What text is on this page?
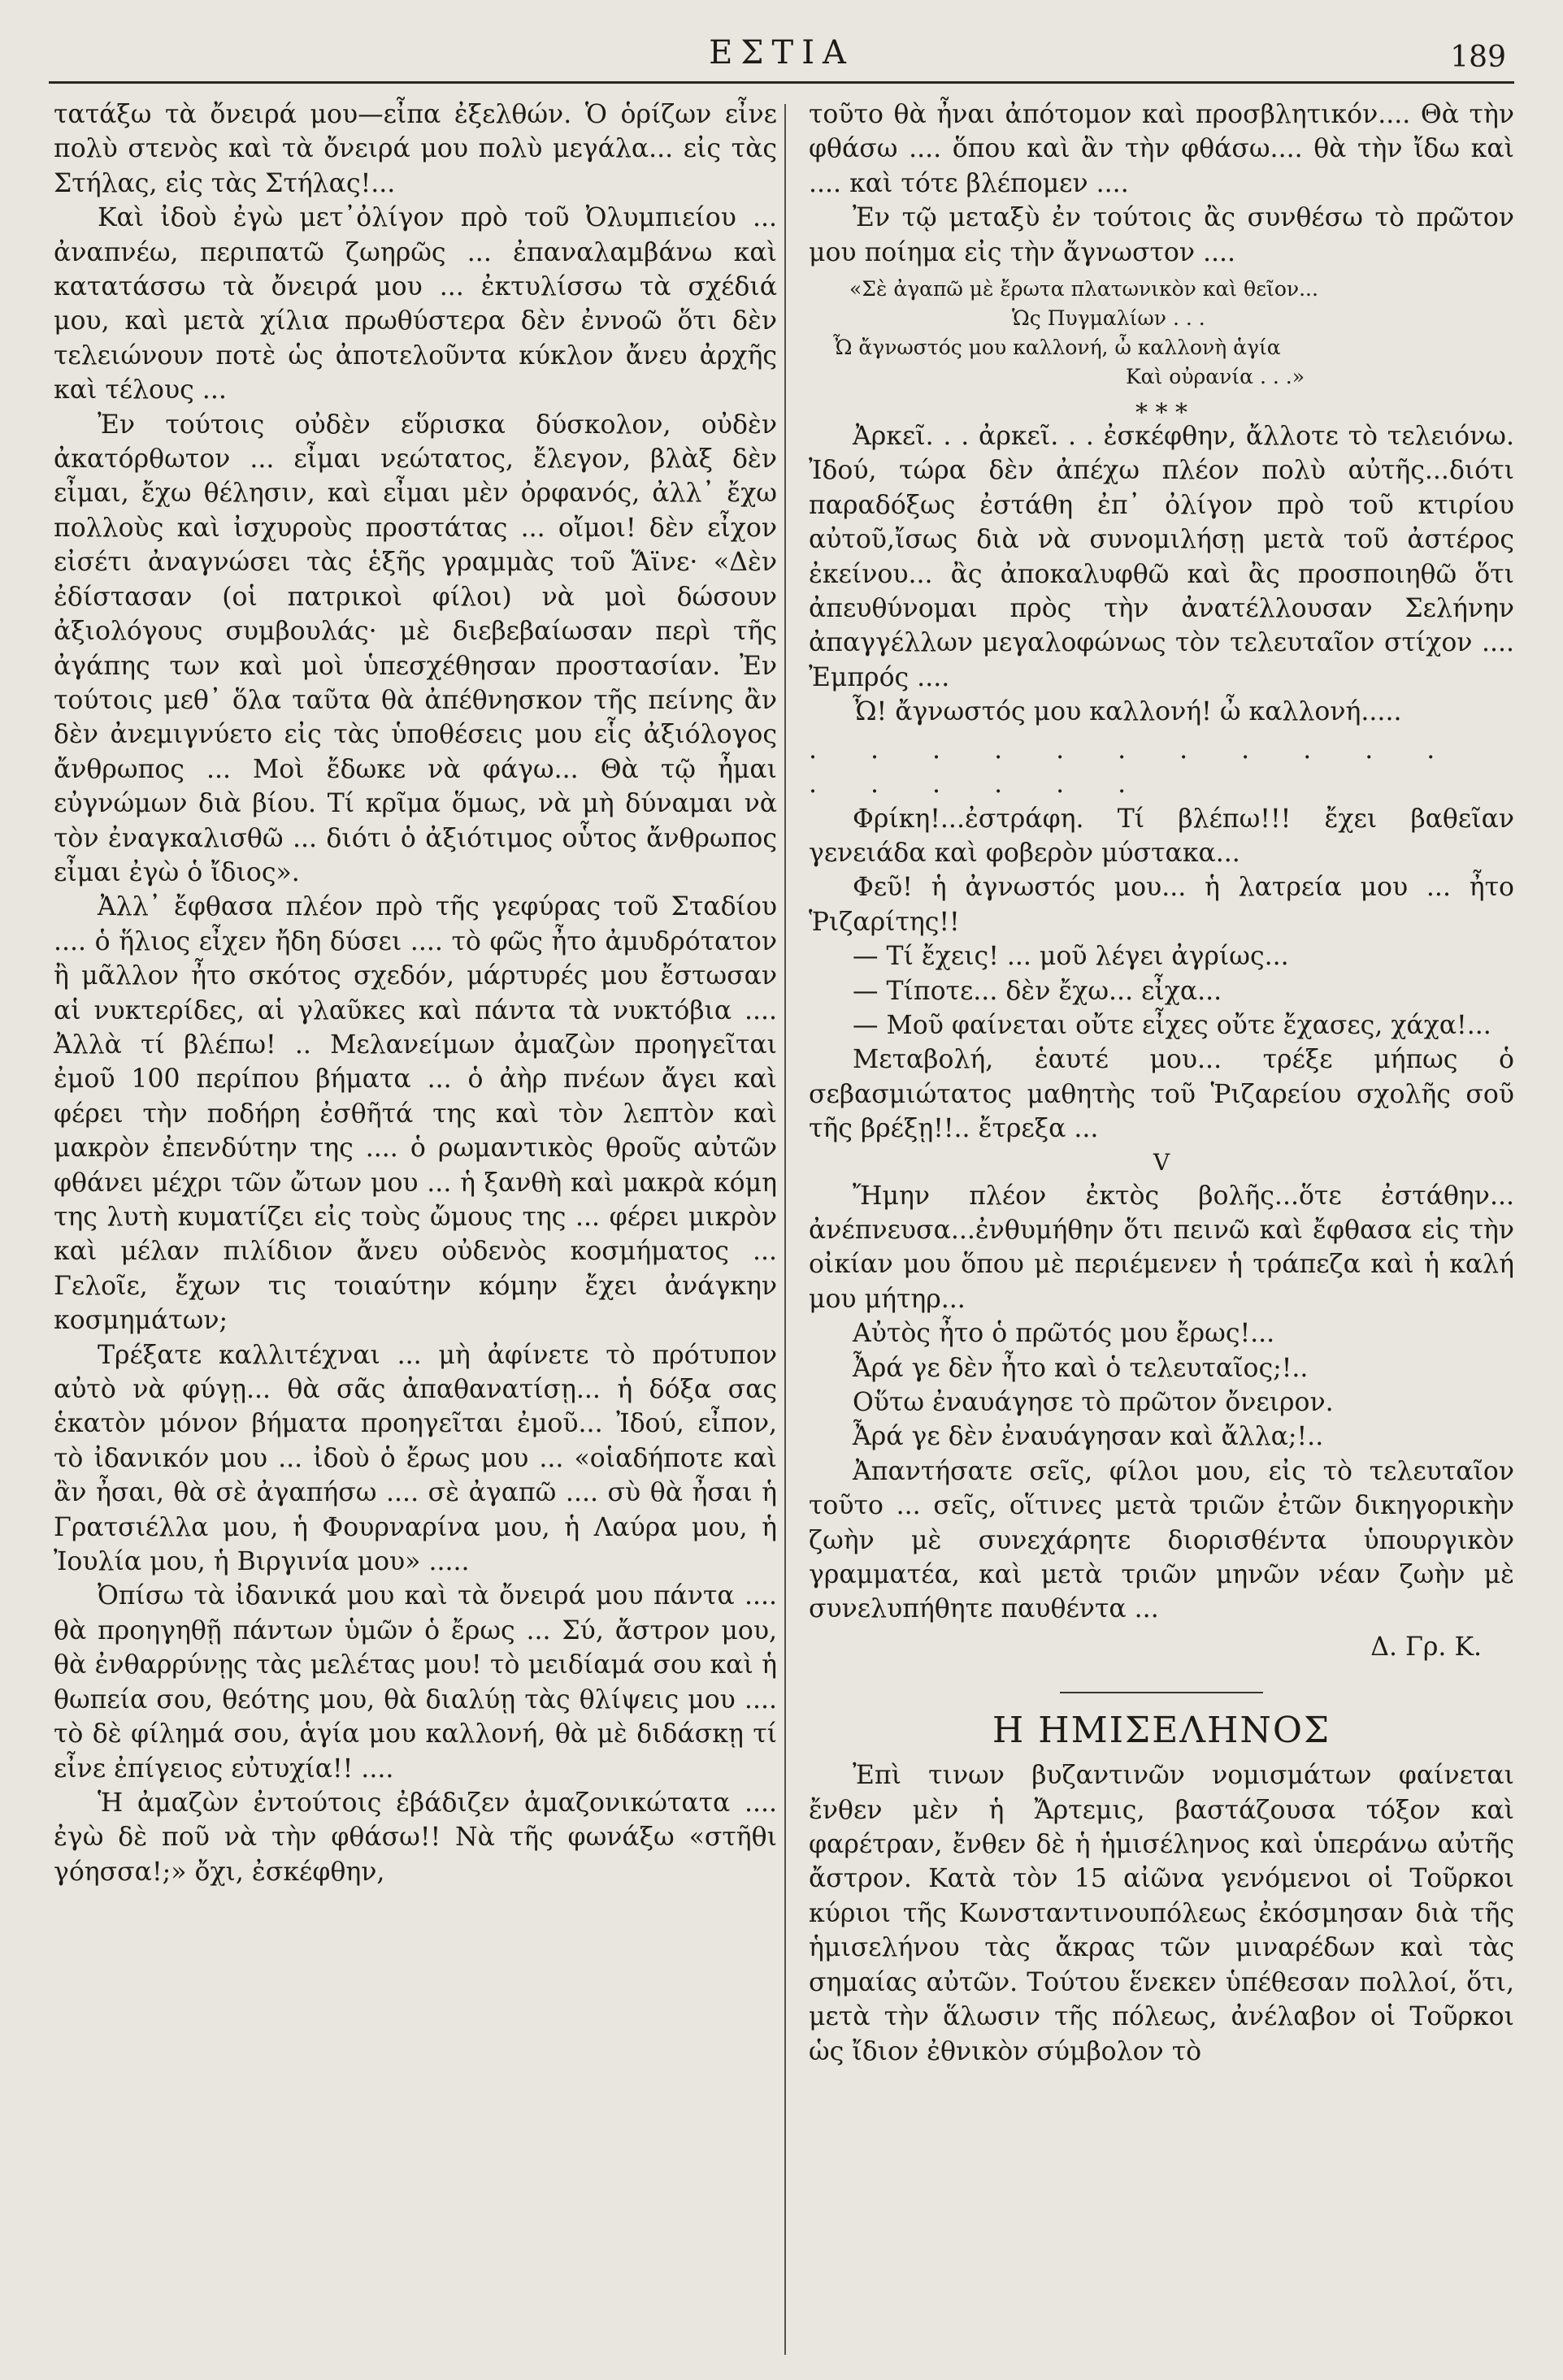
ΕΣΤΙΑ	189

τατάξω τὰ ὄνειρά μου—εἶπα ἐξελθών. Ὁ ὁρίζων εἶνε πολὺ στενὸς καὶ τὰ ὄνειρά μου πολὺ μεγάλα... εἰς τὰς Στήλας, εἰς τὰς Στήλας!...

Καὶ ἰδοὺ ἐγὼ μετ᾽ὀλίγον πρὸ τοῦ Ὀλυμπιείου ... ἀναπνέω, περιπατῶ ζωηρῶς ... ἐπαναλαμβάνω καὶ κατατάσσω τὰ ὄνειρά μου ... ἐκτυλίσσω τὰ σχέδιά μου, καὶ μετὰ χίλια πρωθύστερα δὲν ἐννοῶ ὅτι δὲν τελειώνουν ποτὲ ὡς ἀποτελοῦντα κύκλον ἄνευ ἀρχῆς καὶ τέλους ...

Ἐν τούτοις οὐδὲν εὕρισκα δύσκολον, οὐδὲν ἀκατόρθωτον ... εἶμαι νεώτατος, ἔλεγον, βλὰξ δὲν εἶμαι, ἔχω θέλησιν, καὶ εἶμαι μὲν ὀρφανός, ἀλλ᾽ ἔχω πολλοὺς καὶ ἰσχυροὺς προστάτας ... οἴμοι! δὲν εἶχον εἰσέτι ἀναγνώσει τὰς ἑξῆς γραμμὰς τοῦ Ἅϊνε· «Δὲν ἐδίστασαν (οἱ πατρικοὶ φίλοι) νὰ μοὶ δώσουν ἀξιολόγους συμβουλάς· μὲ διεβεβαίωσαν περὶ τῆς ἀγάπης των καὶ μοὶ ὑπεσχέθησαν προστασίαν. Ἐν τούτοις μεθ᾽ ὅλα ταῦτα θὰ ἀπέθνησκον τῆς πείνης ἂν δὲν ἀνεμιγνύετο εἰς τὰς ὑποθέσεις μου εἷς ἀξιόλογος ἄνθρωπος ... Μοὶ ἔδωκε νὰ φάγω... Θὰ τῷ ἦμαι εὐγνώμων διὰ βίου. Τί κρῖμα ὅμως, νὰ μὴ δύναμαι νὰ τὸν ἐναγκαλισθῶ ... διότι ὁ ἀξιότιμος οὗτος ἄνθρωπος εἶμαι ἐγὼ ὁ ἴδιος».

Ἀλλ᾽ ἔφθασα πλέον πρὸ τῆς γεφύρας τοῦ Σταδίου .... ὁ ἥλιος εἶχεν ἤδη δύσει .... τὸ φῶς ἦτο ἀμυδρότατον ἢ μᾶλλον ἦτο σκότος σχεδόν, μάρτυρές μου ἔστωσαν αἱ νυκτερίδες, αἱ γλαῦκες καὶ πάντα τὰ νυκτόβια .... Ἀλλὰ τί βλέπω! .. Μελανείμων ἀμαζὼν προηγεῖται ἐμοῦ 100 περίπου βήματα ... ὁ ἀὴρ πνέων ἄγει καὶ φέρει τὴν ποδήρη ἐσθῆτά της καὶ τὸν λεπτὸν καὶ μακρὸν ἐπενδύτην της .... ὁ ρωμαντικὸς θροῦς αὐτῶν φθάνει μέχρι τῶν ὤτων μου ... ἡ ξανθὴ καὶ μακρὰ κόμη της λυτὴ κυματίζει εἰς τοὺς ὤμους της ... φέρει μικρὸν καὶ μέλαν πιλίδιον ἄνευ οὐδενὸς κοσμήματος ... Γελοῖε, ἔχων τις τοιαύτην κόμην ἔχει ἀνάγκην κοσμημάτων;

Τρέξατε καλλιτέχναι ... μὴ ἀφίνετε τὸ πρότυπον αὐτὸ νὰ φύγῃ... θὰ σᾶς ἀπαθανατίσῃ... ἡ δόξα σας ἑκατὸν μόνον βήματα προηγεῖται ἐμοῦ... Ἰδού, εἶπον, τὸ ἰδανικόν μου ... ἰδοὺ ὁ ἔρως μου ... «οἱαδήποτε καὶ ἂν ἦσαι, θὰ σὲ ἀγαπήσω .... σὲ ἀγαπῶ .... σὺ θὰ ἦσαι ἡ Γρατσιέλλα μου, ἡ Φουρναρίνα μου, ἡ Λαύρα μου, ἡ Ἰουλία μου, ἡ Βιργινία μου» .....

Ὀπίσω τὰ ἰδανικά μου καὶ τὰ ὄνειρά μου πάντα .... θὰ προηγηθῇ πάντων ὑμῶν ὁ ἔρως ... Σύ, ἄστρον μου, θὰ ἐνθαρρύνῃς τὰς μελέτας μου! τὸ μειδίαμά σου καὶ ἡ θωπεία σου, θεότης μου, θὰ διαλύῃ τὰς θλίψεις μου .... τὸ δὲ φίλημά σου, ἁγία μου καλλονή, θὰ μὲ διδάσκῃ τί εἶνε ἐπίγειος εὐτυχία!! ....

Ἡ ἀμαζὼν ἐντούτοις ἐβάδιζεν ἀμαζονικώτατα .... ἐγὼ δὲ ποῦ νὰ τὴν φθάσω!! Νὰ τῆς φωνάξω «στῆθι γόησσα!;» ὄχι, ἐσκέφθην,

τοῦτο θὰ ἦναι ἀπότομον καὶ προσβλητικόν.... Θὰ τὴν φθάσω .... ὅπου καὶ ἂν τὴν φθάσω.... θὰ τὴν ἴδω καὶ .... καὶ τότε βλέπομεν ....

Ἐν τῷ μεταξὺ ἐν τούτοις ἂς συνθέσω τὸ πρῶτον μου ποίημα εἰς τὴν ἄγνωστον ....

«Σὲ ἀγαπῶ μὲ ἔρωτα πλατωνικὸν καὶ θεῖον...
Ὡς Πυγμαλίων . . .
Ὦ ἄγνωστός μου καλλονή, ὦ καλλονὴ ἁγία
Καὶ οὐρανία . . .»
⁎ ⁎ ⁎

Ἀρκεῖ. . . ἀρκεῖ. . . ἐσκέφθην, ἄλλοτε τὸ τελειόνω. Ἰδού, τώρα δὲν ἀπέχω πλέον πολὺ αὐτῆς...διότι παραδόξως ἐστάθη ἐπ᾽ ὀλίγον πρὸ τοῦ κτιρίου αὐτοῦ,ἴσως διὰ νὰ συνομιλήσῃ μετὰ τοῦ ἀστέρος ἐκείνου... ἂς ἀποκαλυφθῶ καὶ ἂς προσποιηθῶ ὅτι ἀπευθύνομαι πρὸς τὴν ἀνατέλλουσαν Σελήνην ἀπαγγέλλων μεγαλοφώνως τὸν τελευταῖον στίχον .... Ἐμπρός ....

Ὦ! ἄγνωστός μου καλλονή! ὦ καλλονή.....

. . . . . . . . . . . . . . . . .

Φρίκη!...ἐστράφη. Τί βλέπω!!! ἔχει βαθεῖαν γενειάδα καὶ φοβερὸν μύστακα...

Φεῦ! ἡ ἀγνωστός μου... ἡ λατρεία μου ... ἦτο Ῥιζαρίτης!!

— Τί ἔχεις! ... μοῦ λέγει ἀγρίως...

— Τίποτε... δὲν ἔχω... εἶχα...

— Μοῦ φαίνεται οὔτε εἶχες οὔτε ἔχασες, χάχα!...

Μεταβολή, ἑαυτέ μου... τρέξε μήπως ὁ σεβασμιώτατος μαθητὴς τοῦ Ῥιζαρείου σχολῆς σοῦ τῆς βρέξῃ!!.. ἔτρεξα ...

V

Ἤμην πλέον ἐκτὸς βολῆς...ὅτε ἐστάθην... ἀνέπνευσα...ἐνθυμήθην ὅτι πεινῶ καὶ ἔφθασα εἰς τὴν οἰκίαν μου ὅπου μὲ περιέμενεν ἡ τράπεζα καὶ ἡ καλή μου μήτηρ...

Αὐτὸς ἦτο ὁ πρῶτός μου ἔρως!...

Ἆρά γε δὲν ἦτο καὶ ὁ τελευταῖος;!..

Οὕτω ἐναυάγησε τὸ πρῶτον ὄνειρον.

Ἆρά γε δὲν ἐναυάγησαν καὶ ἄλλα;!..

Ἀπαντήσατε σεῖς, φίλοι μου, εἰς τὸ τελευταῖον τοῦτο ... σεῖς, οἵτινες μετὰ τριῶν ἐτῶν δικηγορικὴν ζωὴν μὲ συνεχάρητε διορισθέντα ὑπουργικὸν γραμματέα, καὶ μετὰ τριῶν μηνῶν νέαν ζωὴν μὲ συνελυπήθητε παυθέντα ...

Δ. Γρ. Κ.
Η ΗΜΙΣΕΛΗΝΟΣ

Ἐπὶ τινων βυζαντινῶν νομισμάτων φαίνεται ἔνθεν μὲν ἡ Ἄρτεμις, βαστάζουσα τόξον καὶ φαρέτραν, ἔνθεν δὲ ἡ ἡμισέληνος καὶ ὑπεράνω αὐτῆς ἄστρον. Κατὰ τὸν 15 αἰῶνα γενόμενοι οἱ Τοῦρκοι κύριοι τῆς Κωνσταντινουπόλεως ἐκόσμησαν διὰ τῆς ἡμισελήνου τὰς ἄκρας τῶν μιναρέδων καὶ τὰς σημαίας αὐτῶν. Τούτου ἕνεκεν ὑπέθεσαν πολλοί, ὅτι, μετὰ τὴν ἅλωσιν τῆς πόλεως, ἀνέλαβον οἱ Τοῦρκοι ὡς ἴδιον ἐθνικὸν σύμβολον τὸ
